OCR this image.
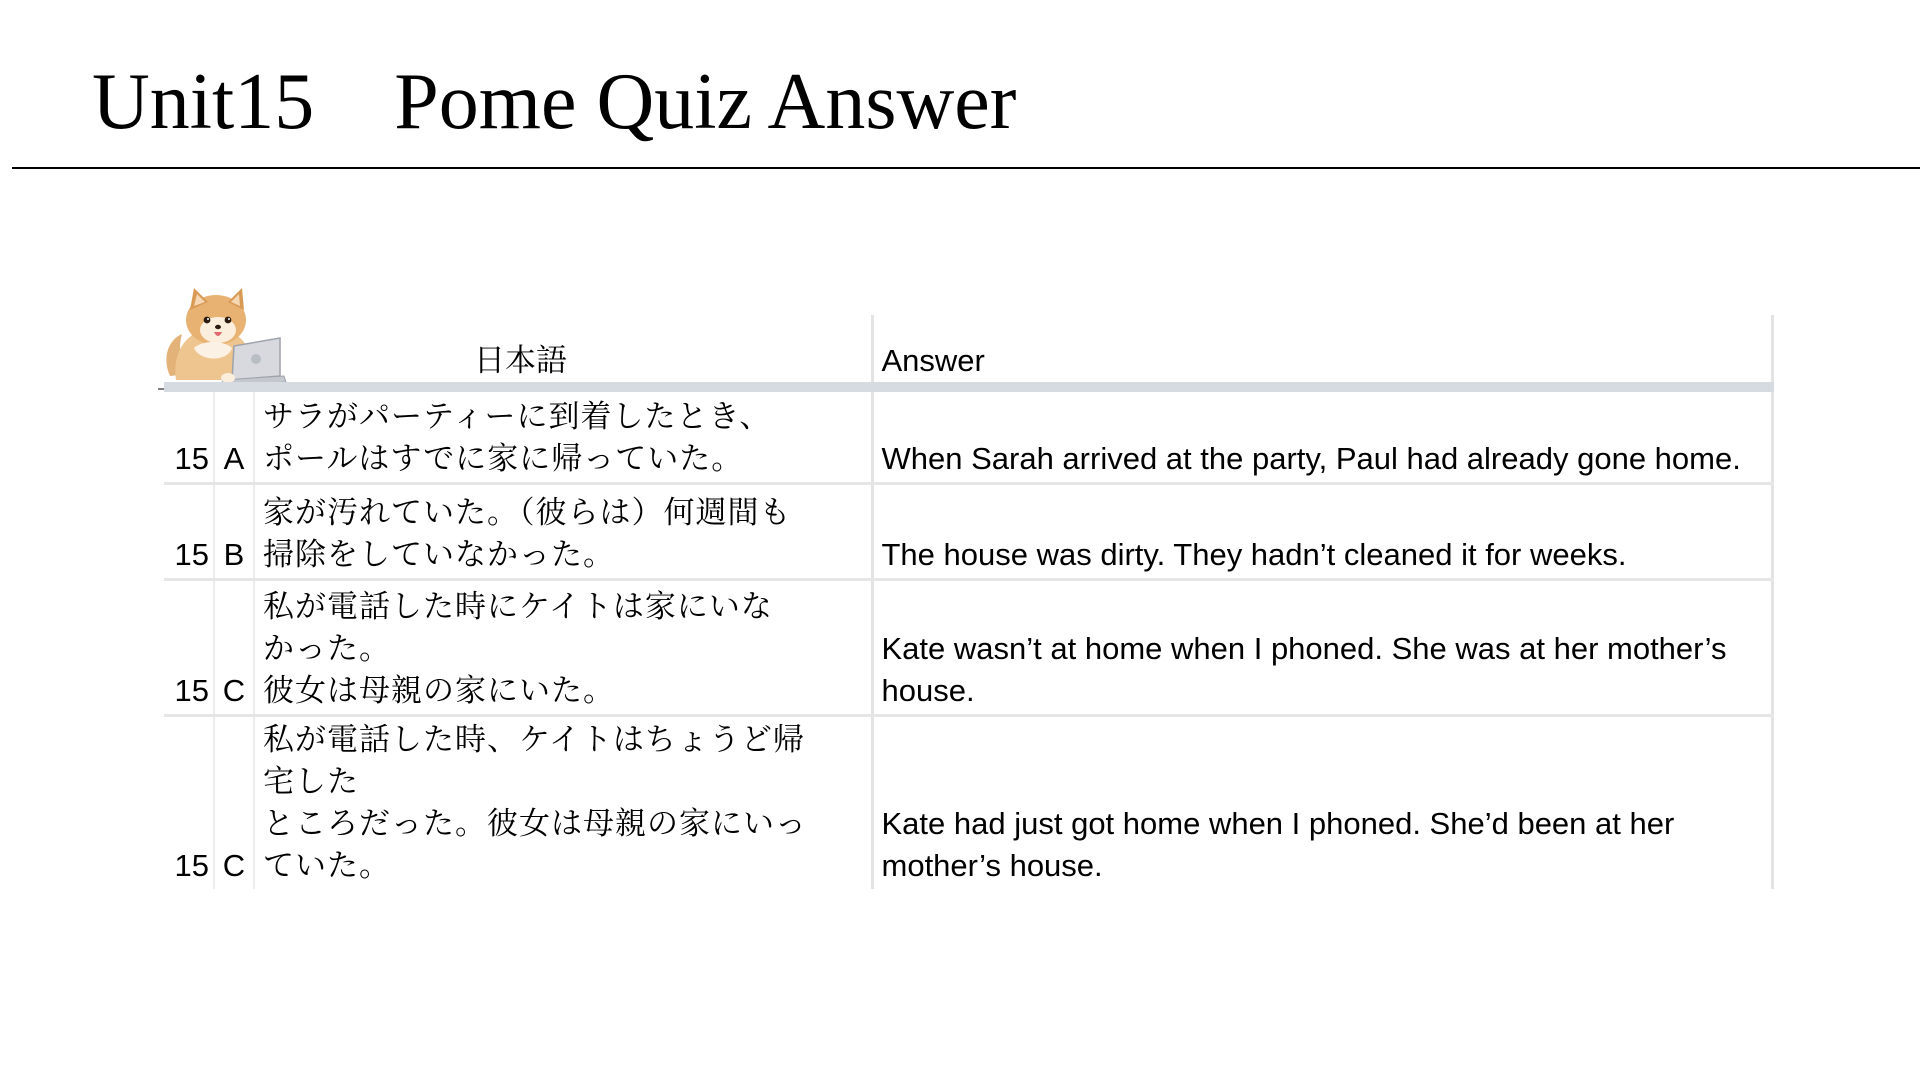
Unit15　Pome Quiz Answer
		日本語	Answer
15	A	サラがパーティーに到着したとき、
ポールはすでに家に帰っていた。	When Sarah arrived at the party, Paul had already gone home.
15	B	家が汚れていた。（彼らは）何週間も
掃除をしていなかった。	The house was dirty. They hadn’t cleaned it for weeks.
15	C	私が電話した時にケイトは家にいな
かった。
彼女は母親の家にいた。	Kate wasn’t at home when I phoned. She was at her mother’s house.
15	C	私が電話した時、ケイトはちょうど帰
宅した
ところだった。彼女は母親の家にいっ
ていた。	Kate had just got home when I phoned. She’d been at her mother’s house.
